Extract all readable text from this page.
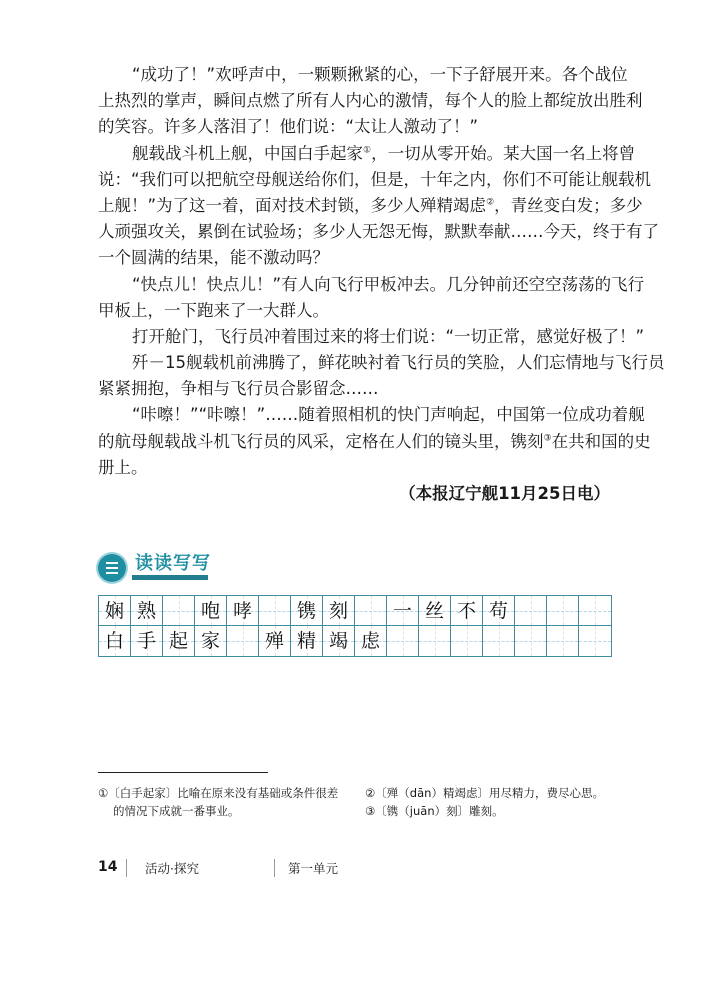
“成功了！”欢呼声中，一颗颗揪紧的心，一下子舒展开来。各个战位
上热烈的掌声，瞬间点燃了所有人内心的激情，每个人的脸上都绽放出胜利
的笑容。许多人落泪了！他们说：“太让人激动了！”
舰载战斗机上舰，中国白手起家①，一切从零开始。某大国一名上将曾
说：“我们可以把航空母舰送给你们，但是，十年之内，你们不可能让舰载机
上舰！”为了这一着，面对技术封锁，多少人殚精竭虑②，青丝变白发；多少
人顽强攻关，累倒在试验场；多少人无怨无悔，默默奉献……今天，终于有了
一个圆满的结果，能不激动吗？
“快点儿！快点儿！”有人向飞行甲板冲去。几分钟前还空空荡荡的飞行
甲板上，一下跑来了一大群人。
打开舱门，飞行员冲着围过来的将士们说：“一切正常，感觉好极了！”
歼－15舰载机前沸腾了，鲜花映衬着飞行员的笑脸，人们忘情地与飞行员
紧紧拥抱，争相与飞行员合影留念……
“咔嚓！”“咔嚓！”……随着照相机的快门声响起，中国第一位成功着舰
的航母舰载战斗机飞行员的风采，定格在人们的镜头里，镌刻③在共和国的史
册上。
（本报辽宁舰11月25日电）
读读写写
娴 熟	咆 哮	镌 刻	一 丝 不 苟
白 手 起 家	殚 精 竭 虑
①〔白手起家〕比喻在原来没有基础或条件很差
的情况下成就一番事业。
②〔殚（dān）精竭虑〕用尽精力，费尽心思。
③〔镌（juān）刻〕雕刻。
14 活动·探究	第一单元
